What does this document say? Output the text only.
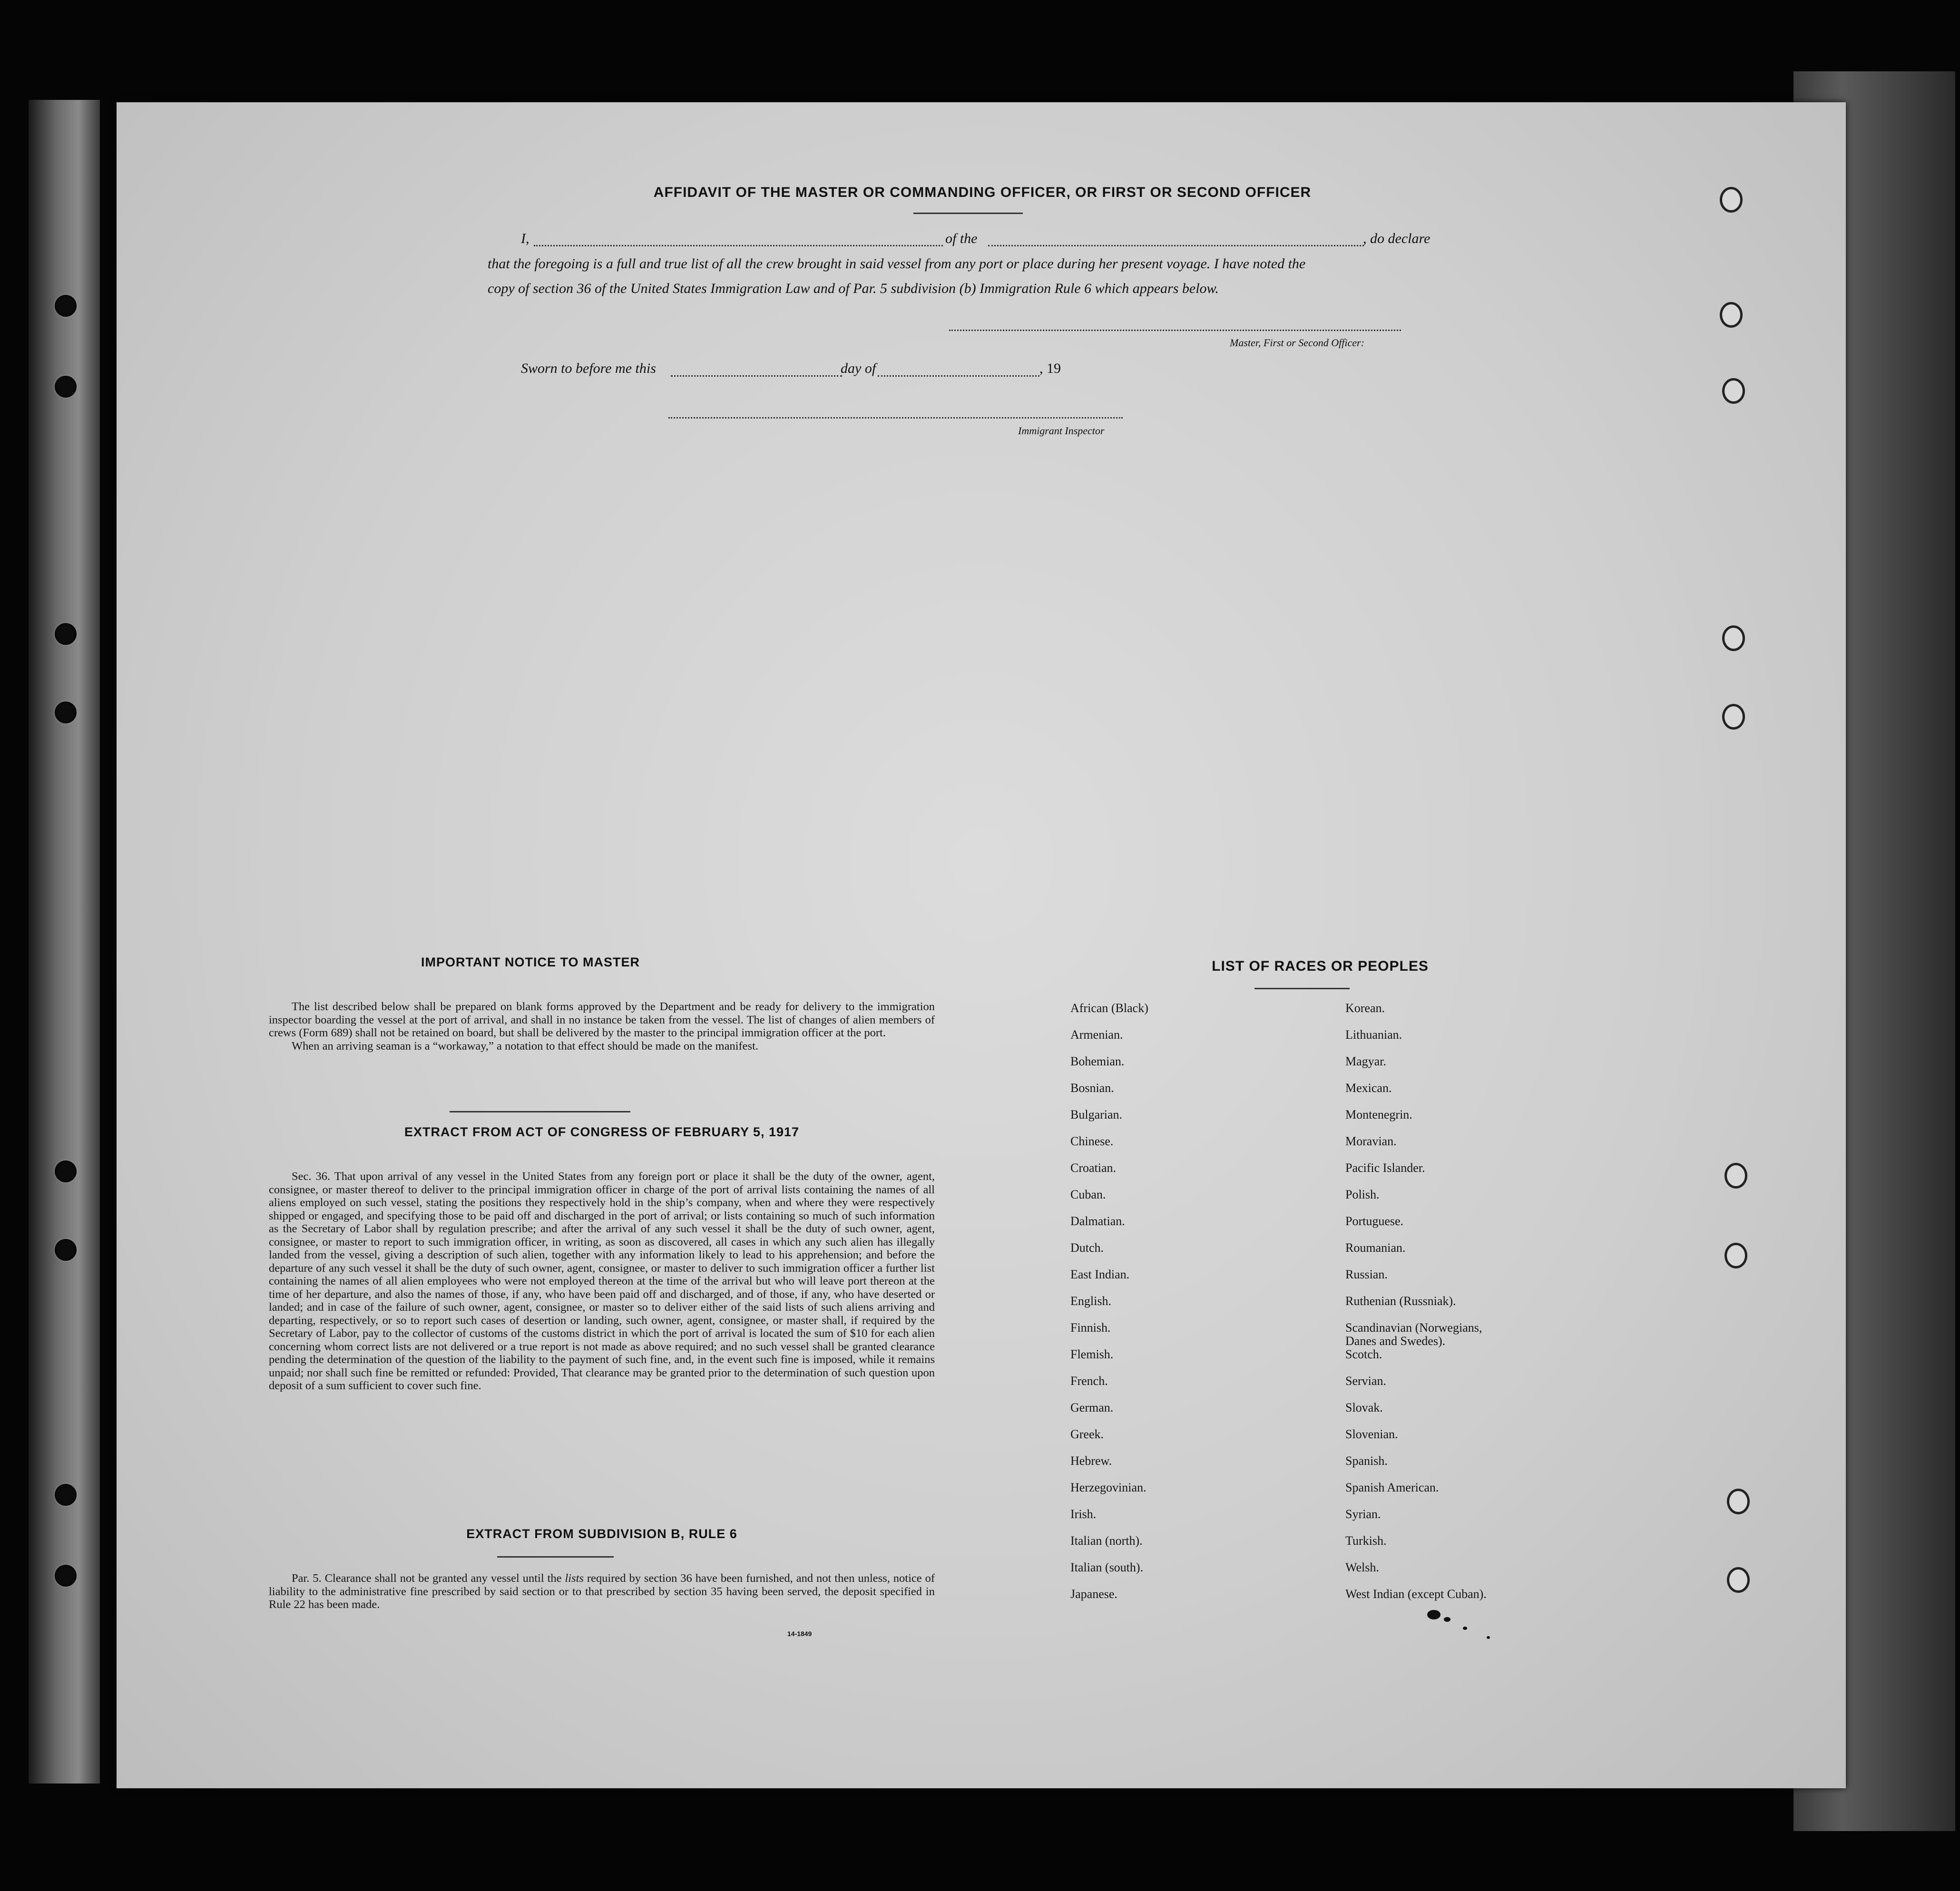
AFFIDAVIT OF THE MASTER OR COMMANDING OFFICER, OR FIRST OR SECOND OFFICER
I,	of the	, do declare
that the foregoing is a full and true list of all the crew brought in said vessel from any port or place during her present voyage. I have noted the
copy of section 36 of the United States Immigration Law and of Par. 5 subdivision (b) Immigration Rule 6 which appears below.
Master, First or Second Officer:
Sworn to before me this	day of	, 19
Immigrant Inspector
IMPORTANT NOTICE TO MASTER

The list described below shall be prepared on blank forms approved by the Department and be ready for delivery to the immigration inspector boarding the vessel at the port of arrival, and shall in no instance be taken from the vessel. The list of changes of alien members of crews (Form 689) shall not be retained on board, but shall be delivered by the master to the principal immigration officer at the port.

When an arriving seaman is a “workaway,” a notation to that effect should be made on the manifest.

EXTRACT FROM ACT OF CONGRESS OF FEBRUARY 5, 1917

Sec. 36. That upon arrival of any vessel in the United States from any foreign port or place it shall be the duty of the owner, agent, consignee, or master thereof to deliver to the principal immigration officer in charge of the port of arrival lists containing the names of all aliens employed on such vessel, stating the positions they respectively hold in the ship’s company, when and where they were respectively shipped or engaged, and specifying those to be paid off and discharged in the port of arrival; or lists containing so much of such information as the Secretary of Labor shall by regulation prescribe; and after the arrival of any such vessel it shall be the duty of such owner, agent, consignee, or master to report to such immigration officer, in writing, as soon as discovered, all cases in which any such alien has illegally landed from the vessel, giving a description of such alien, together with any information likely to lead to his apprehension; and before the departure of any such vessel it shall be the duty of such owner, agent, consignee, or master to deliver to such immigration officer a further list containing the names of all alien employees who were not employed thereon at the time of the arrival but who will leave port thereon at the time of her departure, and also the names of those, if any, who have been paid off and discharged, and of those, if any, who have deserted or landed; and in case of the failure of such owner, agent, consignee, or master so to deliver either of the said lists of such aliens arriving and departing, respectively, or so to report such cases of desertion or landing, such owner, agent, consignee, or master shall, if required by the Secretary of Labor, pay to the collector of customs of the customs district in which the port of arrival is located the sum of $10 for each alien concerning whom correct lists are not delivered or a true report is not made as above required; and no such vessel shall be granted clearance pending the determination of the question of the liability to the payment of such fine, and, in the event such fine is imposed, while it remains unpaid; nor shall such fine be remitted or refunded: Provided, That clearance may be granted prior to the determination of such question upon deposit of a sum sufficient to cover such fine.

EXTRACT FROM SUBDIVISION B, RULE 6

Par. 5. Clearance shall not be granted any vessel until the lists required by section 36 have been furnished, and not then unless, notice of liability to the administrative fine prescribed by said section or to that prescribed by section 35 having been served, the deposit specified in Rule 22 has been made.

14-1849
LIST OF RACES OR PEOPLES
African (Black)
Armenian.
Bohemian.
Bosnian.
Bulgarian.
Chinese.
Croatian.
Cuban.
Dalmatian.
Dutch.
East Indian.
English.
Finnish.
Flemish.
French.
German.
Greek.
Hebrew.
Herzegovinian.
Irish.
Italian (north).
Italian (south).
Japanese.
Korean.
Lithuanian.
Magyar.
Mexican.
Montenegrin.
Moravian.
Pacific Islander.
Polish.
Portuguese.
Roumanian.
Russian.
Ruthenian (Russniak).
Scandinavian (Norwegians,
Danes and Swedes).
Scotch.
Servian.
Slovak.
Slovenian.
Spanish.
Spanish American.
Syrian.
Turkish.
Welsh.
West Indian (except Cuban).
